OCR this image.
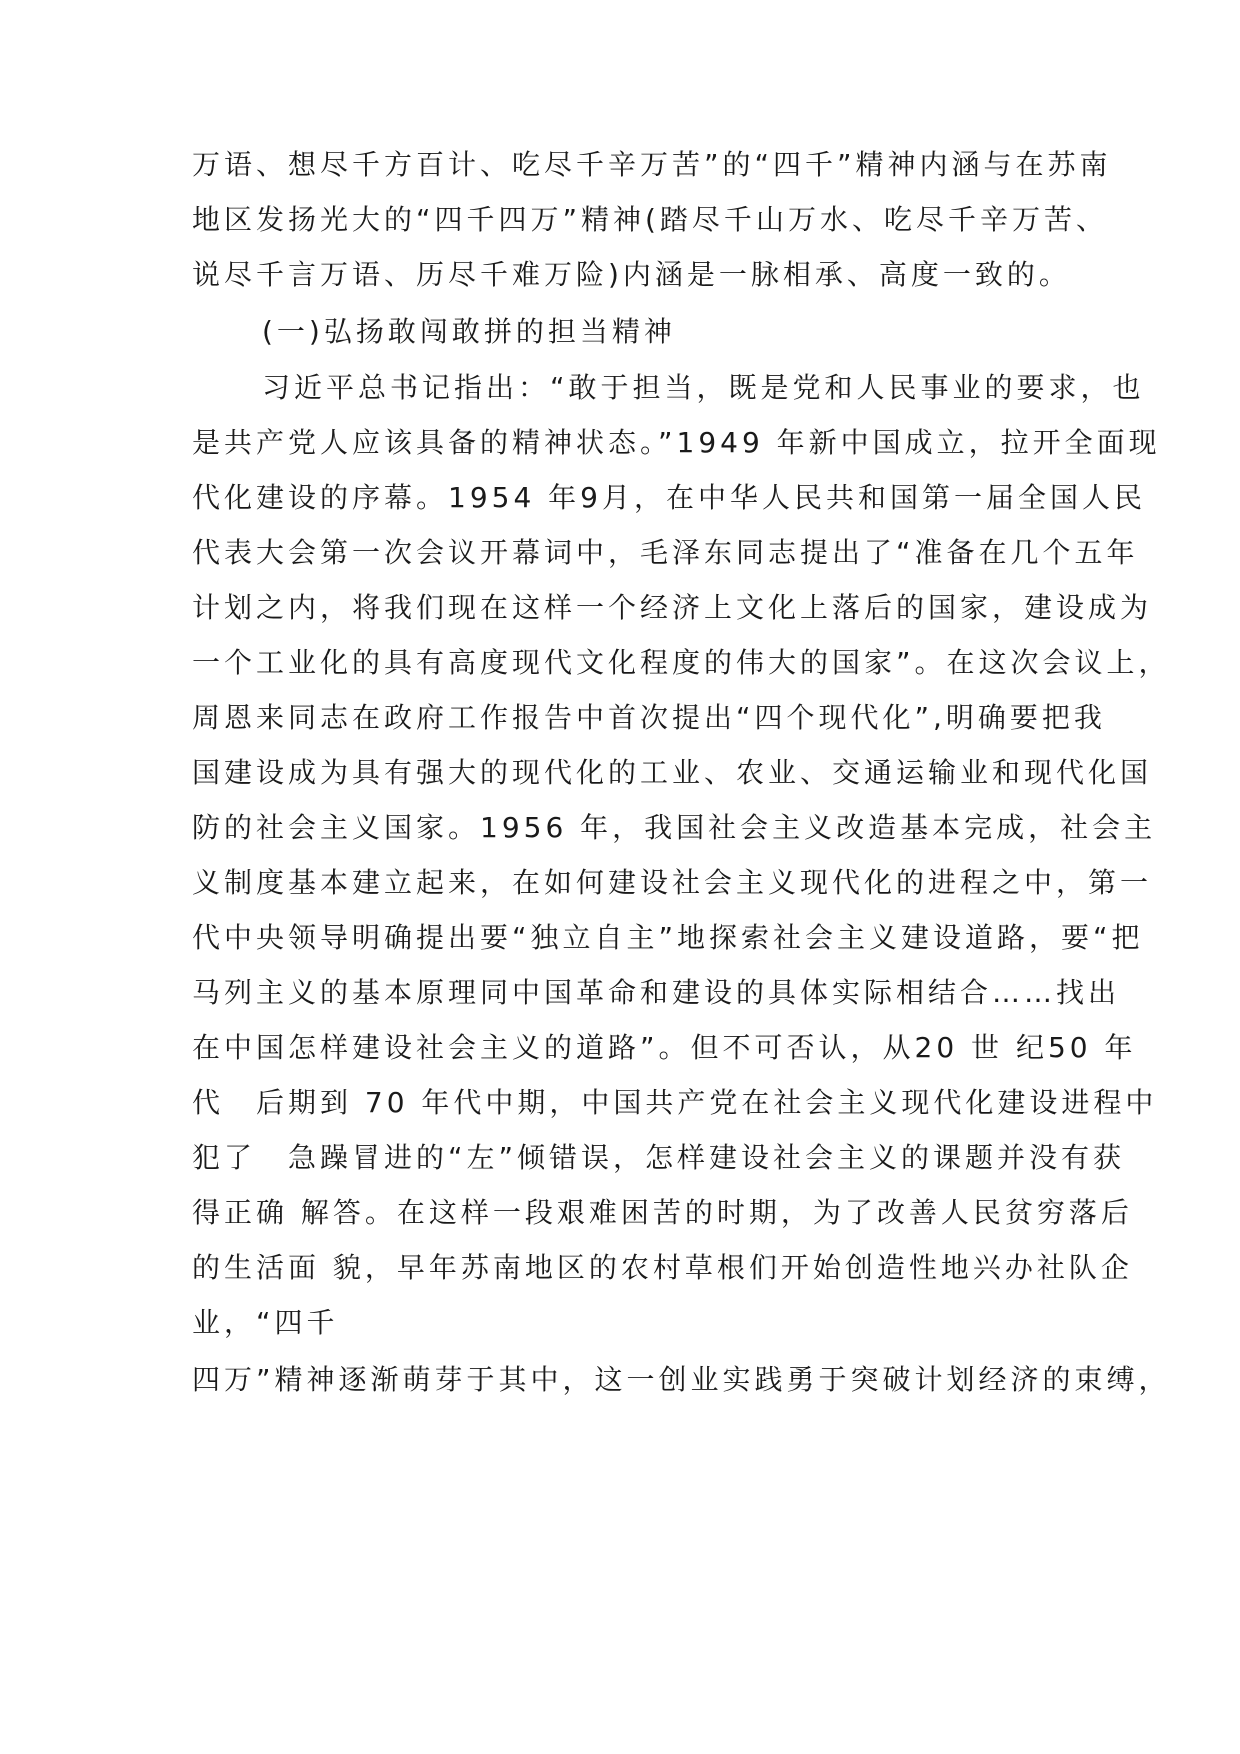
万语、想尽千方百计、吃尽千辛万苦”的“四千”精神内涵与在苏南
地区发扬光大的“四千四万”精神(踏尽千山万水、吃尽千辛万苦、
说尽千言万语、历尽千难万险)内涵是一脉相承、高度一致的。
(一)弘扬敢闯敢拼的担当精神
习近平总书记指出：“敢于担当，既是党和人民事业的要求，也
是共产党人应该具备的精神状态。”1949 年新中国成立，拉开全面现
代化建设的序幕。1954 年9月，在中华人民共和国第一届全国人民
代表大会第一次会议开幕词中，毛泽东同志提出了“准备在几个五年
计划之内，将我们现在这样一个经济上文化上落后的国家，建设成为
一个工业化的具有高度现代文化程度的伟大的国家”。在这次会议上，
周恩来同志在政府工作报告中首次提出“四个现代化”,明确要把我
国建设成为具有强大的现代化的工业、农业、交通运输业和现代化国
防的社会主义国家。1956 年，我国社会主义改造基本完成，社会主
义制度基本建立起来，在如何建设社会主义现代化的进程之中，第一
代中央领导明确提出要“独立自主”地探索社会主义建设道路，要“把
马列主义的基本原理同中国革命和建设的具体实际相结合……找出
在中国怎样建设社会主义的道路”。但不可否认，从20 世 纪50 年
代　后期到 70 年代中期，中国共产党在社会主义现代化建设进程中
犯了　急躁冒进的“左”倾错误，怎样建设社会主义的课题并没有获
得正确 解答。在这样一段艰难困苦的时期，为了改善人民贫穷落后
的生活面 貌，早年苏南地区的农村草根们开始创造性地兴办社队企
业，“四千
四万”精神逐渐萌芽于其中，这一创业实践勇于突破计划经济的束缚，
